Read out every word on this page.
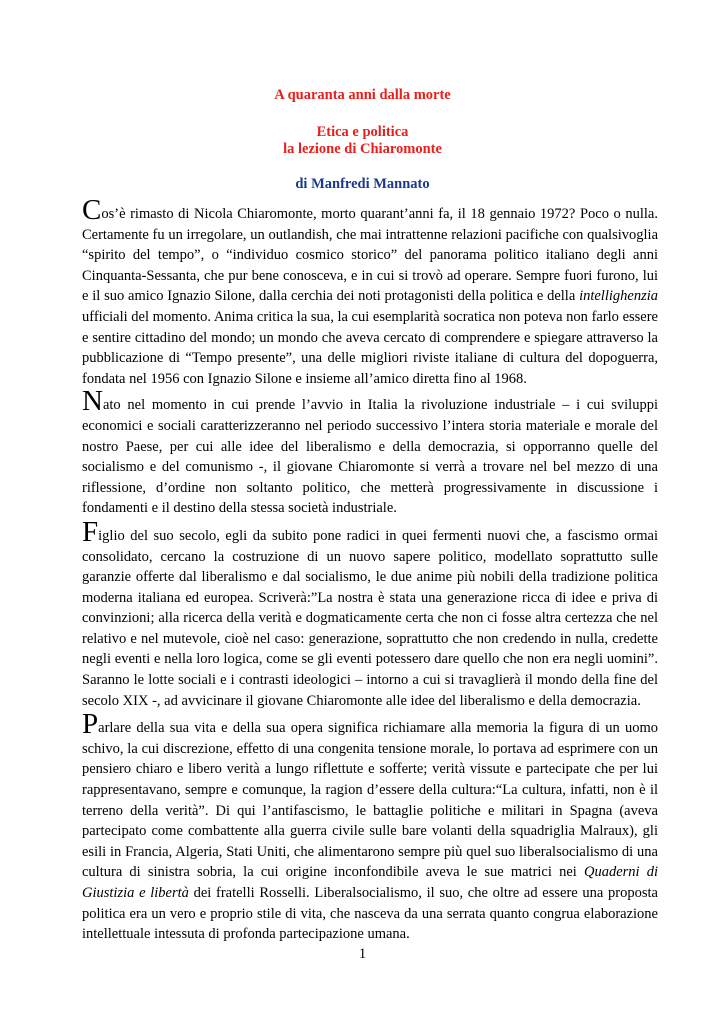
A quaranta anni dalla morte
Etica e politica
la lezione di Chiaromonte
di Manfredi Mannato

Cos’è rimasto di Nicola Chiaromonte, morto quarant’anni fa, il 18 gennaio 1972? Poco o nulla. Certamente fu un irregolare, un outlandish, che mai intrattenne relazioni pacifiche con qualsivoglia “spirito del tempo”, o “individuo cosmico storico” del panorama politico italiano degli anni Cinquanta-Sessanta, che pur bene conosceva, e in cui si trovò ad operare. Sempre fuori furono, lui e il suo amico Ignazio Silone, dalla cerchia dei noti protagonisti della politica e della intellighenzia ufficiali del momento. Anima critica la sua, la cui esemplarità socratica non poteva non farlo essere e sentire cittadino del mondo; un mondo che aveva cercato di comprendere e spiegare attraverso la pubblicazione di “Tempo presente”, una delle migliori riviste italiane di cultura del dopoguerra, fondata nel 1956 con Ignazio Silone e insieme all’amico diretta fino al 1968.

Nato nel momento in cui prende l’avvio in Italia la rivoluzione industriale – i cui sviluppi economici e sociali caratterizzeranno nel periodo successivo l’intera storia materiale e morale del nostro Paese, per cui alle idee del liberalismo e della democrazia, si opporranno quelle del socialismo e del comunismo -, il giovane Chiaromonte si verrà a trovare nel bel mezzo di una riflessione, d’ordine non soltanto politico, che metterà progressivamente in discussione i fondamenti e il destino della stessa società industriale.

Figlio del suo secolo, egli da subito pone radici in quei fermenti nuovi che, a fascismo ormai consolidato, cercano la costruzione di un nuovo sapere politico, modellato soprattutto sulle garanzie offerte dal liberalismo e dal socialismo, le due anime più nobili della tradizione politica moderna italiana ed europea. Scriverà:”La nostra è stata una generazione ricca di idee e priva di convinzioni; alla ricerca della verità e dogmaticamente certa che non ci fosse altra certezza che nel relativo e nel mutevole, cioè nel caso: generazione, soprattutto che non credendo in nulla, credette negli eventi e nella loro logica, come se gli eventi potessero dare quello che non era negli uomini”. Saranno le lotte sociali e i contrasti ideologici – intorno a cui si travaglierà il mondo della fine del secolo XIX -, ad avvicinare il giovane Chiaromonte alle idee del liberalismo e della democrazia.

Parlare della sua vita e della sua opera significa richiamare alla memoria la figura di un uomo schivo, la cui discrezione, effetto di una congenita tensione morale, lo portava ad esprimere con un pensiero chiaro e libero verità a lungo riflettute e sofferte; verità vissute e partecipate che per lui rappresentavano, sempre e comunque, la ragion d’essere della cultura:“La cultura, infatti, non è il terreno della verità”. Di qui l’antifascismo, le battaglie politiche e militari in Spagna (aveva partecipato come combattente alla guerra civile sulle bare volanti della squadriglia Malraux), gli esili in Francia, Algeria, Stati Uniti, che alimentarono sempre più quel suo liberalsocialismo di una cultura di sinistra sobria, la cui origine inconfondibile aveva le sue matrici nei Quaderni di Giustizia e libertà dei fratelli Rosselli. Liberalsocialismo, il suo, che oltre ad essere una proposta politica era un vero e proprio stile di vita, che nasceva da una serrata quanto congrua elaborazione intellettuale intessuta di profonda partecipazione umana.

1
